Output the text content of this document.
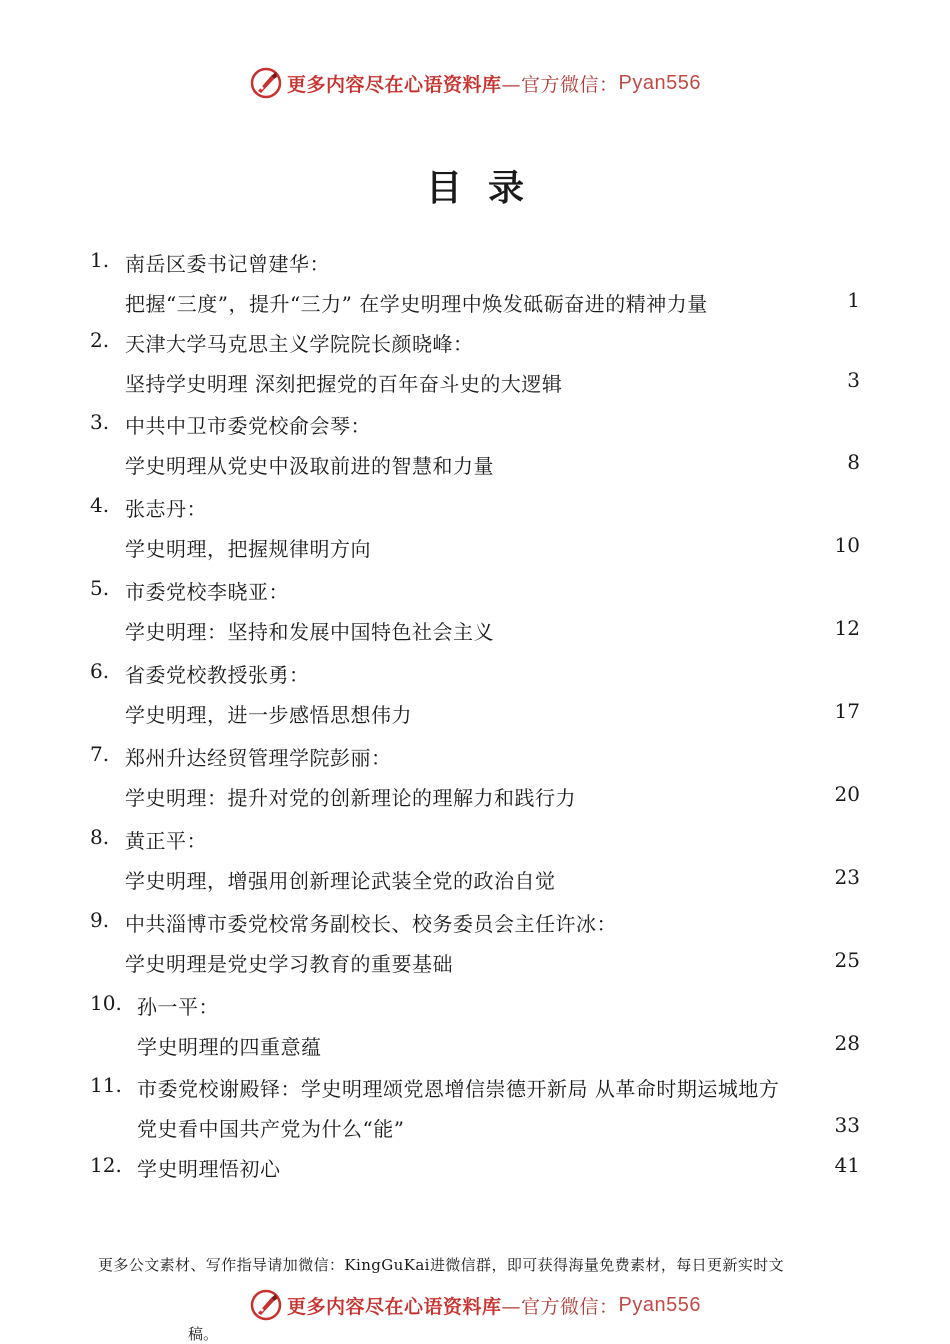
更多内容尽在心语资料库 —官方微信： Pyan556
目录
1. 南岳区委书记曾建华：
把握“三度”，提升“三力” 在学史明理中焕发砥砺奋进的精神力量	1
2. 天津大学马克思主义学院院长颜晓峰：
坚持学史明理 深刻把握党的百年奋斗史的大逻辑	3
3. 中共中卫市委党校俞会琴：
学史明理从党史中汲取前进的智慧和力量	8
4. 张志丹：
学史明理，把握规律明方向	10
5. 市委党校李晓亚：
学史明理：坚持和发展中国特色社会主义	12
6. 省委党校教授张勇：
学史明理，进一步感悟思想伟力	17
7. 郑州升达经贸管理学院彭丽：
学史明理：提升对党的创新理论的理解力和践行力	20
8. 黄正平：
学史明理，增强用创新理论武装全党的政治自觉	23
9. 中共淄博市委党校常务副校长、校务委员会主任许冰：
学史明理是党史学习教育的重要基础	25
10. 孙一平：
学史明理的四重意蕴	28
11. 市委党校谢殿铎：学史明理颂党恩增信崇德开新局 从革命时期运城地方
党史看中国共产党为什么“能”	33
12. 学史明理悟初心	41
更多公文素材、写作指导请加微信：KingGuKai进微信群，即可获得海量免费素材，每日更新实时文
更多内容尽在心语资料库 —官方微信： Pyan556
稿。
